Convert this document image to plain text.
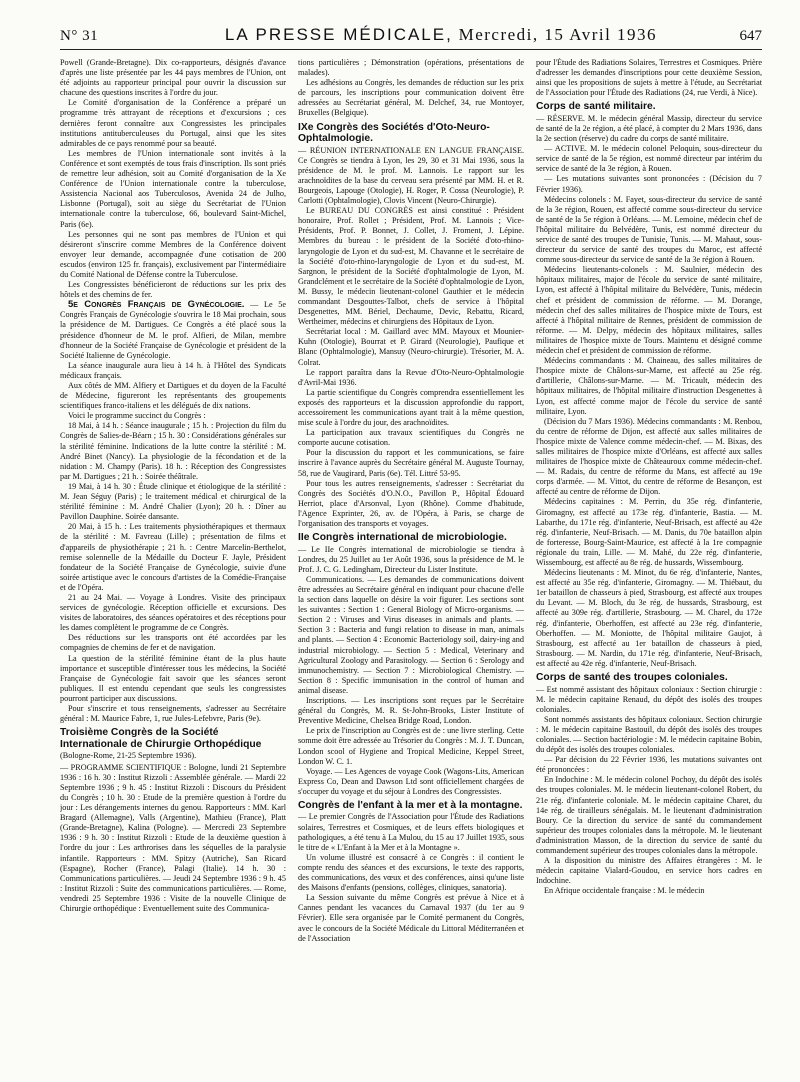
N° 31	LA PRESSE MÉDICALE, Mercredi, 15 Avril 1936	647

Powell (Grande-Bretagne). Dix co-rapporteurs, désignés d'avance d'après une liste présentée par les 44 pays membres de l'Union, ont été adjoints au rapporteur principal pour ouvrir la discussion sur chacune des questions inscrites à l'ordre du jour.

Le Comité d'organisation de la Conférence a préparé un programme très attrayant de réceptions et d'excursions ; ces dernières feront connaître aux Congressistes les principales institutions antituberculeuses du Portugal, ainsi que les sites admirables de ce pays renommé pour sa beauté.

Les membres de l'Union internationale sont invités à la Conférence et sont exemptés de tous frais d'inscription. Ils sont priés de remettre leur adhésion, soit au Comité d'organisation de la Xe Conférence de l'Union internationale contre la tuberculose, Assistencia Nacional aos Tuberculosos, Avenida 24 de Julho, Lisbonne (Portugal), soit au siège du Secrétariat de l'Union internationale contre la tuberculose, 66, boulevard Saint-Michel, Paris (6e).

Les personnes qui ne sont pas membres de l'Union et qui désireront s'inscrire comme Membres de la Conférence doivent envoyer leur demande, accompagnée d'une cotisation de 200 escudos (environ 125 fr. français), exclusivement par l'intermédiaire du Comité National de Défense contre la Tuberculose.

Les Congressistes bénéficieront de réductions sur les prix des hôtels et des chemins de fer.

5e Congrès Français de Gynécologie. — Le 5e Congrès Français de Gynécologie s'ouvrira le 18 Mai prochain, sous la présidence de M. Dartigues. Ce Congrès a été placé sous la présidence d'honneur de M. le prof. Alfieri, de Milan, membre d'honneur de la Société Française de Gynécologie et président de la Société Italienne de Gynécologie.

La séance inaugurale aura lieu à 14 h. à l'Hôtel des Syndicats médicaux français.

Aux côtés de MM. Alfiery et Dartigues et du doyen de la Faculté de Médecine, figureront les représentants des groupements scientifiques franco-italiens et les délégués de dix nations.

Voici le programme succinct du Congrès :

18 Mai, à 14 h. : Séance inaugurale ; 15 h. : Projection du film du Congrès de Salies-de-Béarn ; 15 h. 30 : Considérations générales sur la stérilité féminine. Indications de la lutte contre la stérilité : M. André Binet (Nancy). La physiologie de la fécondation et de la nidation : M. Champy (Paris). 18 h. : Réception des Congressistes par M. Dartigues ; 21 h. : Soirée théâtrale.

19 Mai, à 14 h. 30 : Étude clinique et étiologique de la stérilité : M. Jean Séguy (Paris) ; le traitement médical et chirurgical de la stérilité féminine : M. André Chalier (Lyon); 20 h. : Dîner au Pavillon Dauphine. Soirée dansante.

20 Mai, à 15 h. : Les traitements physiothérapiques et thermaux de la stérilité : M. Favreau (Lille) ; présentation de films et d'appareils de physiothérapie ; 21 h. : Centre Marcelin-Berthelot, remise solennelle de la Médaille du Docteur F. Jayle, Président fondateur de la Société Française de Gynécologie, suivie d'une soirée artistique avec le concours d'artistes de la Comédie-Française et de l'Opéra.

21 au 24 Mai. — Voyage à Londres. Visite des principaux services de gynécologie. Réception officielle et excursions. Des visites de laboratoires, des séances opératoires et des réceptions pour les dames complètent le programme de ce Congrès.

Des réductions sur les transports ont été accordées par les compagnies de chemins de fer et de navigation.

La question de la stérilité féminine étant de la plus haute importance et susceptible d'intéresser tous les médecins, la Société Française de Gynécologie fait savoir que les séances seront publiques. Il est entendu cependant que seuls les congressistes pourront participer aux discussions.

Pour s'inscrire et tous renseignements, s'adresser au Secrétaire général : M. Maurice Fabre, 1, rue Jules-Lefebvre, Paris (9e).

Troisième Congrès de la Société Internationale de Chirurgie Orthopédique (Bologne-Rome, 21-25 Septembre 1936).

— PROGRAMME SCIENTIFIQUE : Bologne, lundi 21 Septembre 1936 : 16 h. 30 : Institut Rizzoli : Assemblée générale. — Mardi 22 Septembre 1936 ; 9 h. 45 : Institut Rizzoli : Discours du Président du Congrès ; 10 h. 30 : Etude de la première question à l'ordre du jour : Les dérangements internes du genou. Rapporteurs : MM. Karl Bragard (Allemagne), Valls (Argentine), Mathieu (France), Platt (Grande-Bretagne), Kalina (Pologne). — Mercredi 23 Septembre 1936 : 9 h. 30 : Institut Rizzoli : Etude de la deuxième question à l'ordre du jour : Les arthrorises dans les séquelles de la paralysie infantile. Rapporteurs : MM. Spitzy (Autriche), San Ricard (Espagne), Rocher (France), Palagi (Italie). 14 h. 30 : Communications particulières. — Jeudi 24 Septembre 1936 : 9 h. 45 : Institut Rizzoli : Suite des communications particulières. — Rome, vendredi 25 Septembre 1936 : Visite de la nouvelle Clinique de Chirurgie orthopédique : Eventuellement suite des Communica-

tions particulières ; Démonstration (opérations, présentations de malades).

Les adhésions au Congrès, les demandes de réduction sur les prix de parcours, les inscriptions pour communication doivent être adressées au Secrétariat général, M. Delchef, 34, rue Montoyer, Bruxelles (Belgique).

IXe Congrès des Sociétés d'Oto-Neuro-Ophtalmologie.

— RÉUNION INTERNATIONALE EN LANGUE FRANÇAISE. Ce Congrès se tiendra à Lyon, les 29, 30 et 31 Mai 1936, sous la présidence de M. le prof. M. Lannois. Le rapport sur les arachnoïdites de la base du cerveau sera présenté par MM. H. et R. Bourgeois, Lapouge (Otologie), H. Roger, P. Cossa (Neurologie), P. Carlotti (Ophtalmologie), Clovis Vincent (Neuro-Chirurgie).

Le BUREAU DU CONGRÈS est ainsi constitué : Président honoraire, Prof. Rollet ; Président, Prof. M. Lannois ; Vice-Présidents, Prof. P. Bonnet, J. Collet, J. Froment, J. Lépine. Membres du bureau : le président de la Société d'oto-rhino-laryngologie de Lyon et du sud-est, M. Chavanne et le secrétaire de la Société d'oto-rhino-laryngologie de Lyon et du sud-est, M. Sargnon, le président de la Société d'ophtalmologie de Lyon, M. Grandclément et le secrétaire de la Société d'ophtalmologie de Lyon, M. Bussy, le médecin lieutenant-colonel Gauthier et le médecin commandant Desgouttes-Talbot, chefs de service à l'hôpital Desgenettes, MM. Bériel, Dechaume, Devic, Rebattu, Ricard, Wertheimer, médecins et chirurgiens des Hôpitaux de Lyon.

Secrétariat local : M. Gaillard avec MM. Mayoux et Mounier-Kuhn (Otologie), Bourrat et P. Girard (Neurologie), Paufique et Blanc (Ophtalmologie), Mansuy (Neuro-chirurgie). Trésorier, M. A. Colrat.

Le rapport paraîtra dans la Revue d'Oto-Neuro-Ophtalmologie d'Avril-Mai 1936.

La partie scientifique du Congrès comprendra essentiellement les exposés des rapporteurs et la discussion approfondie du rapport, accessoirement les communications ayant trait à la même question, mise scule à l'ordre du jour, des arachnoïdites.

La participation aux travaux scientifiques du Congrès ne comporte aucune cotisation.

Pour la discussion du rapport et les communications, se faire inscrire à l'avance auprès du Secrétaire général M. Auguste Tournay, 58, rue de Vaugirard, Paris (6e). Tél. Littré 53-95.

Pour tous les autres renseignements, s'adresser : Secrétariat du Congrès des Sociétés d'O.N.O., Pavillon P., Hôpital Édouard Herriot, place d'Arsonval, Lyon (Rhône). Comme d'habitude, l'Agence Exprinter, 26, av. de l'Opéra, à Paris, se charge de l'organisation des transports et voyages.

IIe Congrès international de microbiologie.

— Le IIe Congrès international de microbiologie se tiendra à Londres, du 25 Juillet au 1er Août 1936, sous la présidence de M. le Prof. J. C. G. Ledingham, Directeur du Lister Institute.

Communications. — Les demandes de communications doivent être adressées au Secrétaire général en indiquant pour chacune d'elle la section dans laquelle on désire la voir figurer. Les sections sont les suivantes : Section 1 : General Biology of Micro-organisms. — Section 2 : Viruses and Virus diseases in animals and plants. — Section 3 : Bacteria and fungi relation to disease in man, animals and plants. — Section 4 : Economic Bacteriology soil, dairy-ing and industrial microbiology. — Section 5 : Medical, Veterinary and Agricultural Zoology and Parasitology. — Section 6 : Serology and immunochemistry. — Section 7 : Microbiological Chemistry. — Section 8 : Specific immunisation in the control of human and animal disease.

Inscriptions. — Les inscriptions sont reçues par le Secrétaire général du Congrès, M. R. St-John-Brooks, Lister Institute of Preventive Medicine, Chelsea Bridge Road, London.

Le prix de l'inscription au Congrès est de : une livre sterling. Cette somme doit être adressée au Trésorier du Congrès : M. J. T. Duncan, London scool of Hygiene and Tropical Medicine, Keppel Street, London W. C. 1.

Voyage. — Les Agences de voyage Cook (Wagons-Lits, American Express Co, Dean and Dawson Ltd sont officiellement chargées de s'occuper du voyage et du séjour à Londres des Congressistes.

Congrès de l'enfant à la mer et à la montagne.

— Le premier Congrès de l'Association pour l'Étude des Radiations solaires, Terrestres et Cosmiques, et de leurs effets biologiques et pathologiques, a été tenu à La Mulou, du 15 au 17 Juillet 1935, sous le titre de « L'Enfant à la Mer et à la Montagne ».

Un volume illustré est consacré à ce Congrès : il contient le compte rendu des séances et des excursions, le texte des rapports, des communications, des vœux et des conférences, ainsi qu'une liste des Maisons d'enfants (pensions, collèges, cliniques, sanatoria).

La Session suivante du même Congrès est prévue à Nice et à Cannes pendant les vacances du Carnaval 1937 (du 1er au 9 Février). Elle sera organisée par le Comité permanent du Congrès, avec le concours de la Société Médicale du Littoral Méditerranéen et de l'Association

pour l'Étude des Radiations Solaires, Terrestres et Cosmiques. Prière d'adresser les demandes d'inscriptions pour cette deuxième Session, ainsi que les propositions de sujets à mettre à l'étude, au Secrétariat de l'Association pour l'Étude des Radiations (24, rue Verdi, à Nice).

Corps de santé militaire.

— RÉSERVE. M. le médecin général Massip, directeur du service de santé de la 2e région, a été placé, à compter du 2 Mars 1936, dans la 2e section (réserve) du cadre du corps de santé militaire.

— ACTIVE. M. le médecin colonel Peloquin, sous-directeur du service de santé de la 5e région, est nommé directeur par intérim du service de santé de la 3e région, à Rouen.

— Les mutations suivantes sont prononcées : (Décision du 7 Février 1936).

Médecins colonels : M. Fayet, sous-directeur du service de santé de la 3e région, Rouen, est affecté comme sous-directeur du service de santé de la 5e région à Orléans. — M. Lemoine, médecin chef de l'hôpital militaire du Belvédère, Tunis, est nommé directeur du service de santé des troupes de Tunisie, Tunis. — M. Mahaut, sous-directeur du service de santé des troupes du Maroc, est affecté comme sous-directeur du service de santé de la 3e région à Rouen.

Médecins lieutenants-colonels : M. Saulnier, médecin des hôpitaux militaires, major de l'école du service de santé militaire, Lyon, est affecté à l'hôpital militaire du Belvédère, Tunis, médecin chef et président de commission de réforme. — M. Dorange, médecin chef des salles militaires de l'hospice mixte de Tours, est affecté à l'hôpital militaire de Rennes, président de commission de réforme. — M. Delpy, médecin des hôpitaux militaires, salles militaires de l'hospice mixte de Tours. Maintenu et désigné comme médecin chef et président de commission de réforme.

Médecins commandants : M. Chaineau, des salles militaires de l'hospice mixte de Châlons-sur-Marne, est affecté au 25e rég. d'artillerie, Châlons-sur-Marne. — M. Tricault, médecin des hôpitaux militaires, de l'hôpital militaire d'instruction Desgenettes à Lyon, est affecté comme major de l'école du service de santé militaire, Lyon.

(Décision du 7 Mars 1936). Médecins commandants : M. Renbou, du centre de réforme de Dijon, est affecté aux salles militaires de l'hospice mixte de Valence comme médecin-chef. — M. Bixas, des salles militaires de l'hospice mixte d'Orléans, est affecté aux salles militaires de l'hospice mixte de Châteauroux comme médecin-chef. — M. Radais, du centre de réforme du Mans, est affecté au 19e corps d'armée. — M. Vittot, du centre de réforme de Besançon, est affecté au centre de réforme de Dijon.

Médecins capitaines : M. Perrin, du 35e rég. d'infanterie, Giromagny, est affecté au 173e rég. d'infanterie, Bastia. — M. Labarthe, du 171e rég. d'infanterie, Neuf-Brisach, est affecté au 42e rég. d'infanterie, Neuf-Brisach. — M. Danis, du 70e bataillon alpin de forteresse, Bourg-Saint-Maurice, est affecté à la 1re compagnie régionale du train, Lille. — M. Mahé, du 22e rég. d'infanterie, Wissembourg, est affecté au 8e rég. de hussards, Wissembourg.

Médecins lieutenants : M. Minot, du 6e rég. d'infanterie, Nantes, est affecté au 35e rég. d'infanterie, Giromagny. — M. Thiébaut, du 1er bataillon de chasseurs à pied, Strasbourg, est affecté aux troupes du Levant. — M. Bloch, du 3e rég. de hussards, Strasbourg, est affecté au 309e rég. d'artillerie, Strasbourg. — M. Charel, du 172e rég. d'infanterie, Oberhoffen, est affecté au 23e rég. d'infanterie, Oberhoffen. — M. Moniotte, de l'hôpital militaire Gaujot, à Strasbourg, est affecté au 1er bataillon de chasseurs à pied, Strasbourg. — M. Nardin, du 171e rég. d'infanterie, Neuf-Brisach, est affecté au 42e rég. d'infanterie, Neuf-Brisach.

Corps de santé des troupes coloniales.

— Est nommé assistant des hôpitaux coloniaux : Section chirurgie : M. le médecin capitaine Renaud, du dépôt des isolés des troupes coloniales.

Sont nommés assistants des hôpitaux coloniaux. Section chirurgie : M. le médecin capitaine Bastouil, du dépôt des isolés des troupes coloniales. — Section bactériologie : M. le médecin capitaine Bobin, du dépôt des isolés des troupes coloniales.

— Par décision du 22 Février 1936, les mutations suivantes ont été prononcées :

En Indochine : M. le médecin colonel Pochoy, du dépôt des isolés des troupes coloniales. M. le médecin lieutenant-colonel Robert, du 21e rég. d'infanterie coloniale. M. le médecin capitaine Charet, du 14e rég. de tirailleurs sénégalais. M. le lieutenant d'administration Boury. Ce la direction du service de santé du commandement supérieur des troupes coloniales dans la métropole. M. le lieutenant d'administration Masson, de la direction du service de santé du commandement supérieur des troupes coloniales dans la métropole.

A la disposition du ministre des Affaires étrangères : M. le médecin capitaine Vialard-Goudou, en service hors cadres en Indochine.

En Afrique occidentale française : M. le médecin
